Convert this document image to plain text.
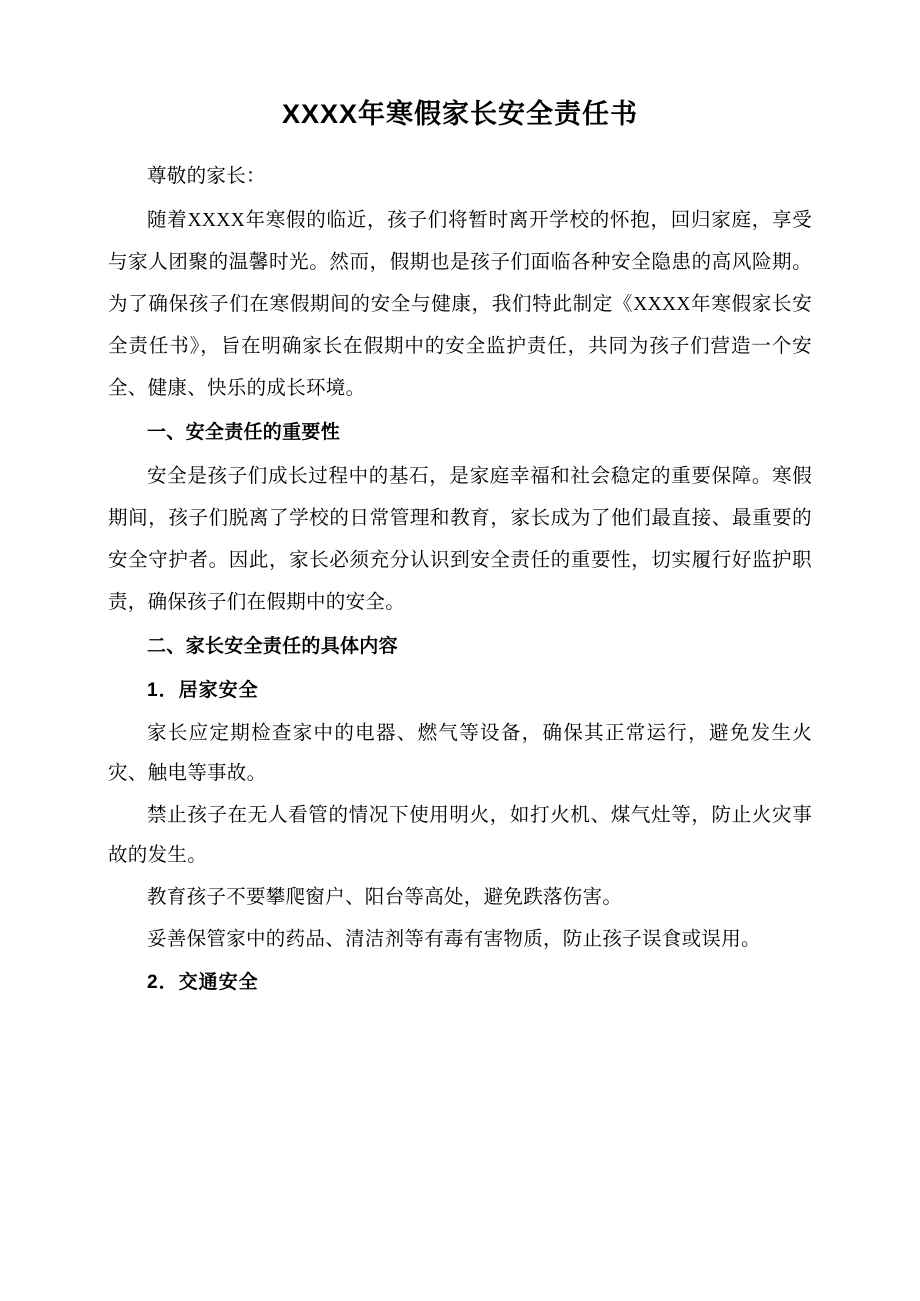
XXXX年寒假家长安全责任书

尊敬的家长：

随着XXXX年寒假的临近，孩子们将暂时离开学校的怀抱，回归家庭，享受与家人团聚的温馨时光。然而，假期也是孩子们面临各种安全隐患的高风险期。为了确保孩子们在寒假期间的安全与健康，我们特此制定《XXXX年寒假家长安全责任书》，旨在明确家长在假期中的安全监护责任，共同为孩子们营造一个安全、健康、快乐的成长环境。

一、安全责任的重要性

安全是孩子们成长过程中的基石，是家庭幸福和社会稳定的重要保障。寒假期间，孩子们脱离了学校的日常管理和教育，家长成为了他们最直接、最重要的安全守护者。因此，家长必须充分认识到安全责任的重要性，切实履行好监护职责，确保孩子们在假期中的安全。

二、家长安全责任的具体内容

1．居家安全

家长应定期检查家中的电器、燃气等设备，确保其正常运行，避免发生火灾、触电等事故。

禁止孩子在无人看管的情况下使用明火，如打火机、煤气灶等，防止火灾事故的发生。

教育孩子不要攀爬窗户、阳台等高处，避免跌落伤害。

妥善保管家中的药品、清洁剂等有毒有害物质，防止孩子误食或误用。

2．交通安全
